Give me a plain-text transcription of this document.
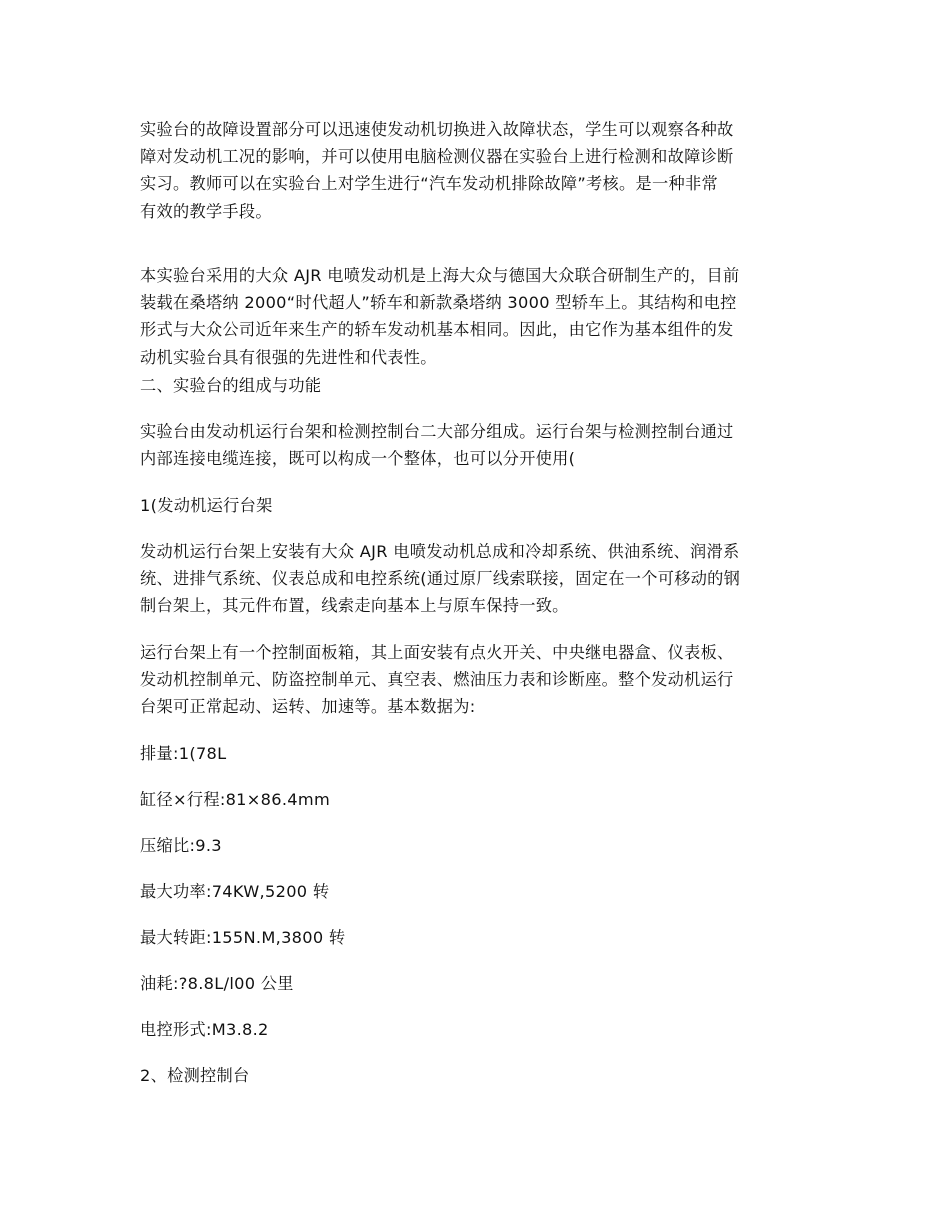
实验台的故障设置部分可以迅速使发动机切换进入故障状态，学生可以观察各种故
障对发动机工况的影响，并可以使用电脑检测仪器在实验台上进行检测和故障诊断
实习。教师可以在实验台上对学生进行“汽车发动机排除故障”考核。是一种非常
有效的教学手段。

本实验台采用的大众 AJR 电喷发动机是上海大众与德国大众联合研制生产的，目前
装载在桑塔纳 2000“时代超人”轿车和新款桑塔纳 3000 型轿车上。其结构和电控
形式与大众公司近年来生产的轿车发动机基本相同。因此，由它作为基本组件的发
动机实验台具有很强的先进性和代表性。

二、实验台的组成与功能

实验台由发动机运行台架和检测控制台二大部分组成。运行台架与检测控制台通过
内部连接电缆连接，既可以构成一个整体，也可以分开使用(

1(发动机运行台架

发动机运行台架上安装有大众 AJR 电喷发动机总成和冷却系统、供油系统、润滑系
统、进排气系统、仪表总成和电控系统(通过原厂线索联接，固定在一个可移动的钢
制台架上，其元件布置，线索走向基本上与原车保持一致。

运行台架上有一个控制面板箱，其上面安装有点火开关、中央继电器盒、仪表板、
发动机控制单元、防盗控制单元、真空表、燃油压力表和诊断座。整个发动机运行
台架可正常起动、运转、加速等。基本数据为:

排量:1(78L

缸径×行程:81×86.4mm

压缩比:9.3

最大功率:74KW,5200 转

最大转距:155N.M,3800 转

油耗:?8.8L/l00 公里

电控形式:M3.8.2

2、检测控制台
